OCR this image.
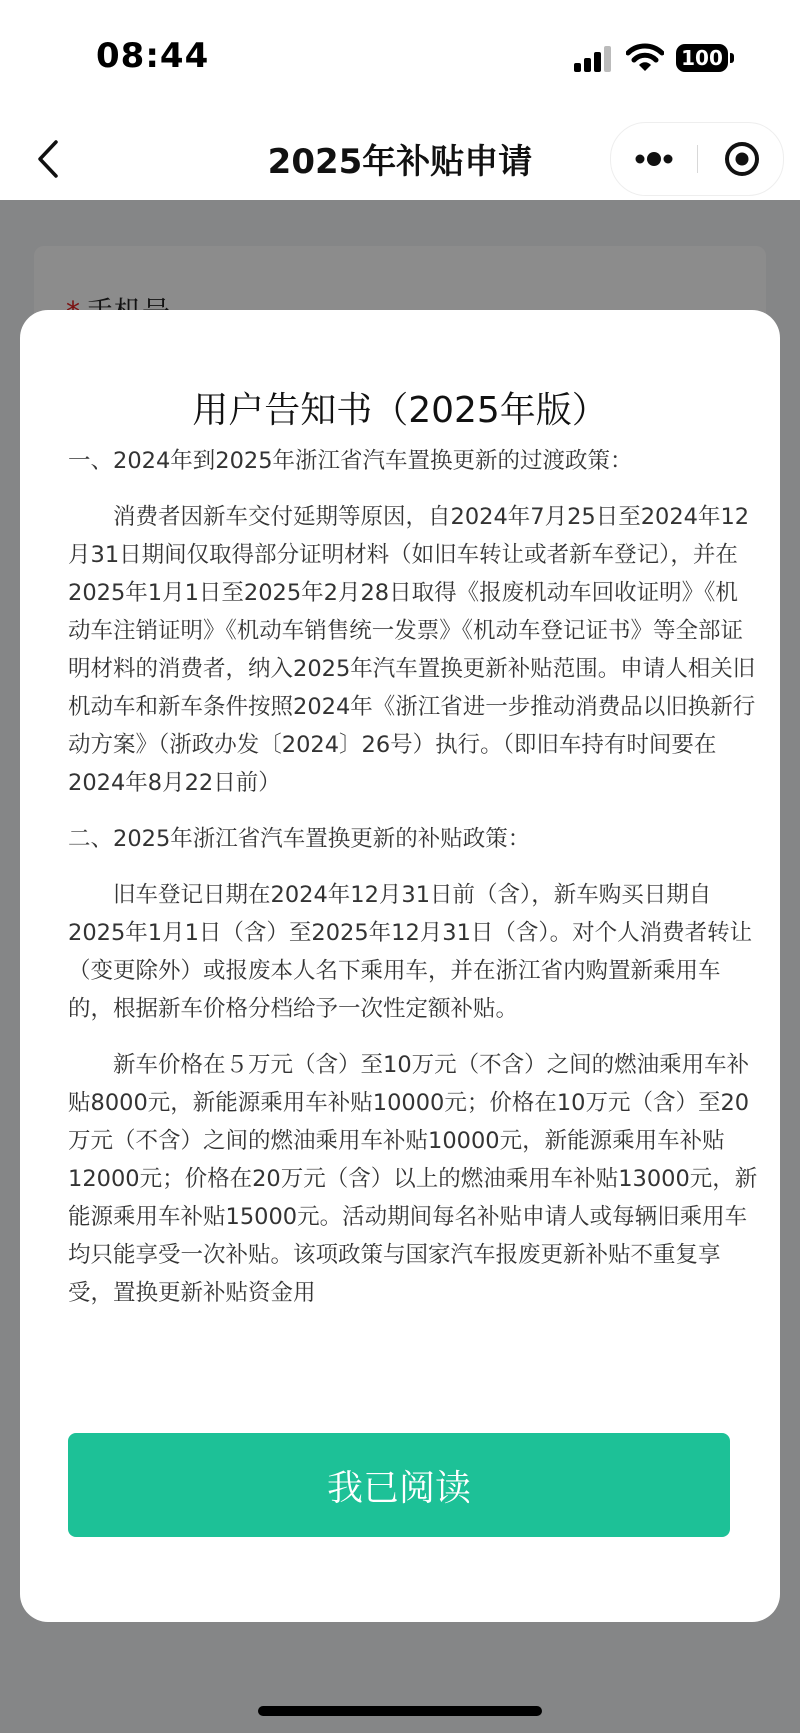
08:44	100
2025年补贴申请
用户告知书（2025年版）

一、2024年到2025年浙江省汽车置换更新的过渡政策：

消费者因新车交付延期等原因，自2024年7月25日至2024年12月31日期间仅取得部分证明材料（如旧车转让或者新车登记），并在2025年1月1日至2025年2月28日取得《报废机动车回收证明》《机动车注销证明》《机动车销售统一发票》《机动车登记证书》等全部证明材料的消费者，纳入2025年汽车置换更新补贴范围。申请人相关旧机动车和新车条件按照2024年《浙江省进一步推动消费品以旧换新行动方案》（浙政办发〔2024〕26号）执行。（即旧车持有时间要在2024年8月22日前）

二、2025年浙江省汽车置换更新的补贴政策：

旧车登记日期在2024年12月31日前（含），新车购买日期自2025年1月1日（含）至2025年12月31日（含）。对个人消费者转让（变更除外）或报废本人名下乘用车，并在浙江省内购置新乘用车的，根据新车价格分档给予一次性定额补贴。

新车价格在５万元（含）至10万元（不含）之间的燃油乘用车补贴8000元，新能源乘用车补贴10000元；价格在10万元（含）至20万元（不含）之间的燃油乘用车补贴10000元，新能源乘用车补贴12000元；价格在20万元（含）以上的燃油乘用车补贴13000元，新能源乘用车补贴15000元。活动期间每名补贴申请人或每辆旧乘用车均只能享受一次补贴。该项政策与国家汽车报废更新补贴不重复享受，置换更新补贴资金用

我已阅读
